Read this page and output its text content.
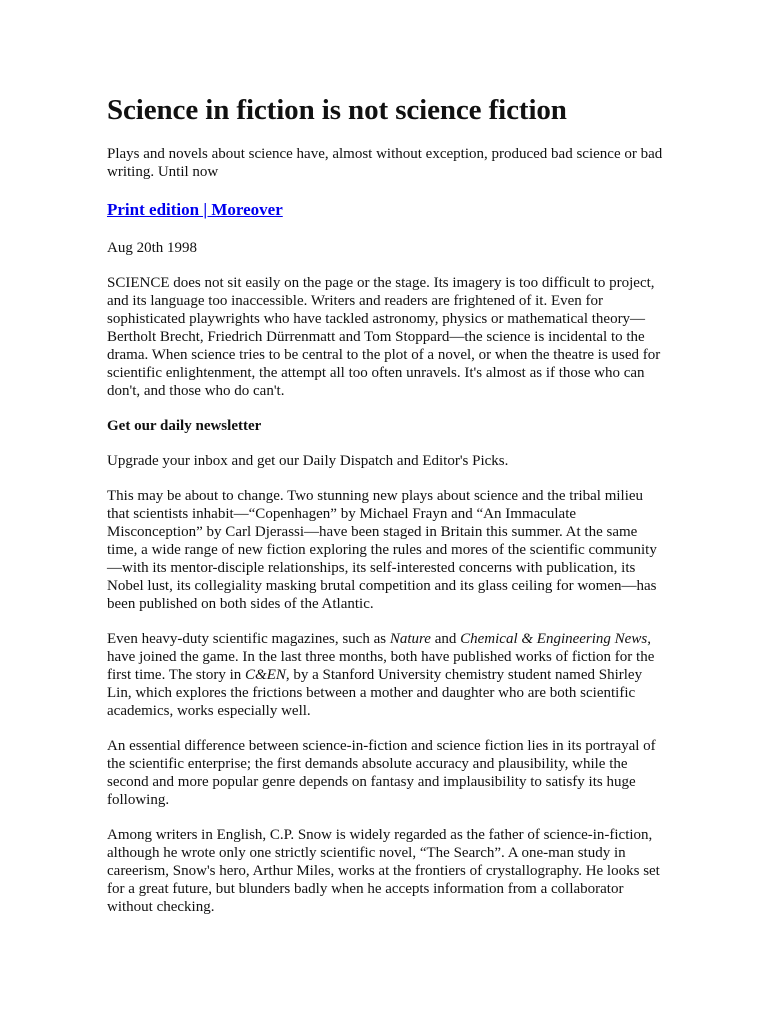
Science in fiction is not science fiction

Plays and novels about science have, almost without exception, produced bad science or bad writing. Until now

Print edition | Moreover

Aug 20th 1998

SCIENCE does not sit easily on the page or the stage. Its imagery is too difficult to project, and its language too inaccessible. Writers and readers are frightened of it. Even for sophisticated playwrights who have tackled astronomy, physics or mathematical theory—Bertholt Brecht, Friedrich Dürrenmatt and Tom Stoppard—the science is incidental to the drama. When science tries to be central to the plot of a novel, or when the theatre is used for scientific enlightenment, the attempt all too often unravels. It's almost as if those who can don't, and those who do can't.

Get our daily newsletter

Upgrade your inbox and get our Daily Dispatch and Editor's Picks.

This may be about to change. Two stunning new plays about science and the tribal milieu that scientists inhabit—“Copenhagen” by Michael Frayn and “An Immaculate Misconception” by Carl Djerassi—have been staged in Britain this summer. At the same time, a wide range of new fiction exploring the rules and mores of the scientific community—with its mentor-disciple relationships, its self-interested concerns with publication, its Nobel lust, its collegiality masking brutal competition and its glass ceiling for women—has been published on both sides of the Atlantic.

Even heavy-duty scientific magazines, such as Nature and Chemical & Engineering News, have joined the game. In the last three months, both have published works of fiction for the first time. The story in C&EN, by a Stanford University chemistry student named Shirley Lin, which explores the frictions between a mother and daughter who are both scientific academics, works especially well.

An essential difference between science-in-fiction and science fiction lies in its portrayal of the scientific enterprise; the first demands absolute accuracy and plausibility, while the second and more popular genre depends on fantasy and implausibility to satisfy its huge following.

Among writers in English, C.P. Snow is widely regarded as the father of science-in-fiction, although he wrote only one strictly scientific novel, “The Search”. A one-man study in careerism, Snow's hero, Arthur Miles, works at the frontiers of crystallography. He looks set for a great future, but blunders badly when he accepts information from a collaborator without checking.
